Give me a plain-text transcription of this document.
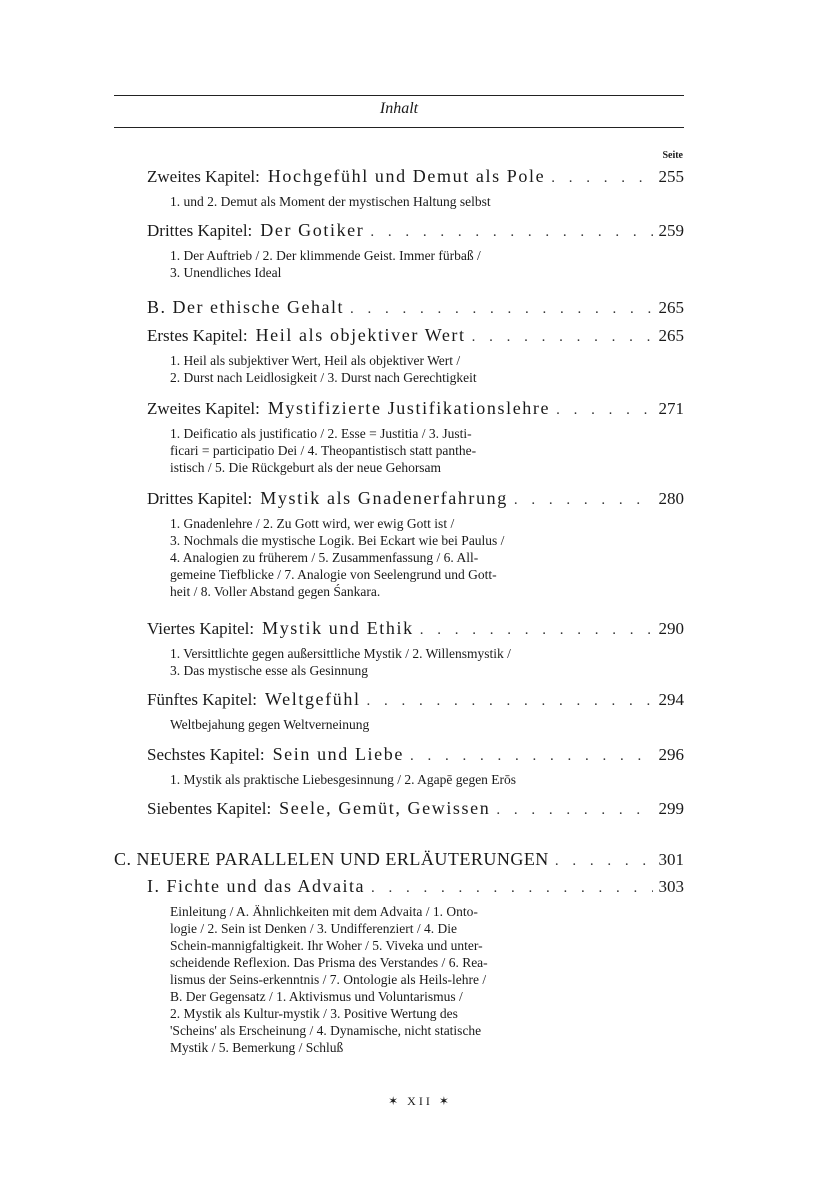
Inhalt
Seite
Zweites Kapitel: Hochgefühl und Demut als Pole . . .	255
1. und 2. Demut als Moment der mystischen Haltung selbst
Drittes Kapitel: Der Gotiker . . .	259
1. Der Auftrieb / 2. Der klimmende Geist. Immer fürbaß /
3. Unendliches Ideal
B. Der ethische Gehalt . . .	265
Erstes Kapitel: Heil als objektiver Wert . . .	265
1. Heil als subjektiver Wert, Heil als objektiver Wert /
2. Durst nach Leidlosigkeit / 3. Durst nach Gerechtigkeit
Zweites Kapitel: Mystifizierte Justifikationslehre . . .	271
1. Deificatio als justificatio / 2. Esse = Justitia / 3. Justi-
ficari = participatio Dei / 4. Theopantistisch statt panthe-
istisch / 5. Die Rückgeburt als der neue Gehorsam
Drittes Kapitel: Mystik als Gnadenerfahrung . . .	280
1. Gnadenlehre / 2. Zu Gott wird, wer ewig Gott ist /
3. Nochmals die mystische Logik. Bei Eckart wie bei Paulus /
4. Analogien zu früherem / 5. Zusammenfassung / 6. All-
gemeine Tiefblicke / 7. Analogie von Seelengrund und Gott-
heit / 8. Voller Abstand gegen Śankara.
Viertes Kapitel: Mystik und Ethik . . .	290
1. Versittlichte gegen außersittliche Mystik / 2. Willensmystik /
3. Das mystische esse als Gesinnung
Fünftes Kapitel: Weltgefühl . . .	294
Weltbejahung gegen Weltverneinung
Sechstes Kapitel: Sein und Liebe . . .	296
1. Mystik als praktische Liebesgesinnung / 2. Agapē gegen Erōs
Siebentes Kapitel: Seele, Gemüt, Gewissen . . .	299
C. NEUERE PARALLELEN UND ERLÄUTERUNGEN . . .	301
I. Fichte und das Advaita . . .	303
Einleitung / A. Ähnlichkeiten mit dem Advaita / 1. Onto-
logie / 2. Sein ist Denken / 3. Undifferenziert / 4. Die
Schein-mannigfaltigkeit. Ihr Woher / 5. Viveka und unter-
scheidende Reflexion. Das Prisma des Verstandes / 6. Rea-
lismus der Seins-erkenntnis / 7. Ontologie als Heils-lehre /
B. Der Gegensatz / 1. Aktivismus und Voluntarismus /
2. Mystik als Kultur-mystik / 3. Positive Wertung des
'Scheins' als Erscheinung / 4. Dynamische, nicht statische
Mystik / 5. Bemerkung / Schluß
✶ XII ✶
